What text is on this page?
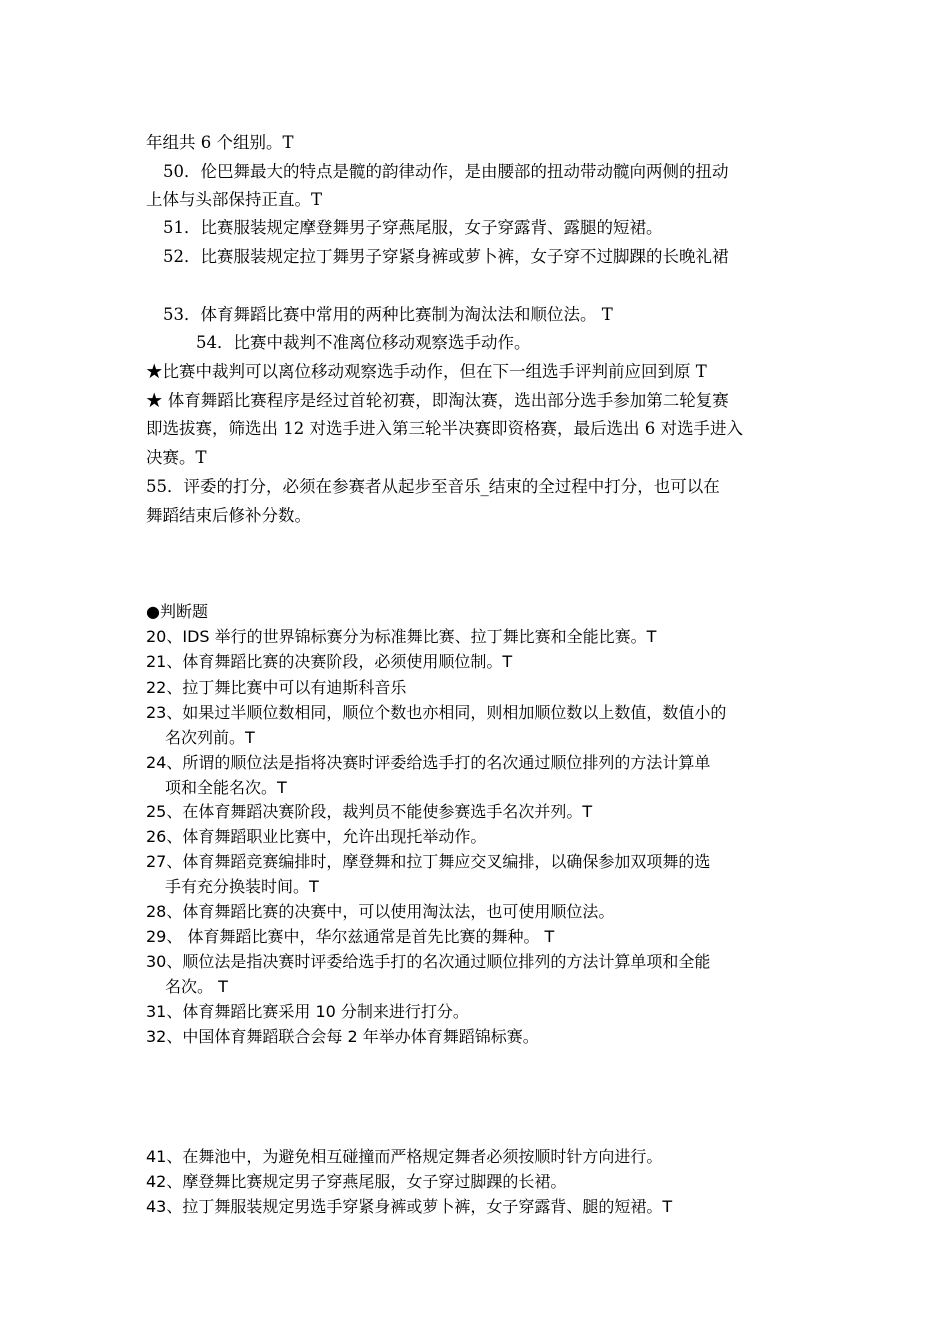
年组共 6 个组别。T
50．伦巴舞最大的特点是髋的韵律动作，是由腰部的扭动带动髋向两侧的扭动
上体与头部保持正直。T
51．比赛服装规定摩登舞男子穿燕尾服，女子穿露背、露腿的短裙。
52．比赛服装规定拉丁舞男子穿紧身裤或萝卜裤，女子穿不过脚踝的长晚礼裙
53．体育舞蹈比赛中常用的两种比赛制为淘汰法和顺位法。 T
54．比赛中裁判不准离位移动观察选手动作。
★比赛中裁判可以离位移动观察选手动作，但在下一组选手评判前应回到原 T
★ 体育舞蹈比赛程序是经过首轮初赛，即淘汰赛，选出部分选手参加第二轮复赛
即选拔赛，筛选出 12 对选手进入第三轮半决赛即资格赛，最后选出 6 对选手进入
决赛。T
55．评委的打分，必须在参赛者从起步至音乐_结束的全过程中打分，也可以在
舞蹈结束后修补分数。
●判断题
20、IDS 举行的世界锦标赛分为标准舞比赛、拉丁舞比赛和全能比赛。T
21、体育舞蹈比赛的决赛阶段，必须使用顺位制。T
22、拉丁舞比赛中可以有迪斯科音乐
23、如果过半顺位数相同，顺位个数也亦相同，则相加顺位数以上数值，数值小的
名次列前。T
24、所谓的顺位法是指将决赛时评委给选手打的名次通过顺位排列的方法计算单
项和全能名次。T
25、在体育舞蹈决赛阶段，裁判员不能使参赛选手名次并列。T
26、体育舞蹈职业比赛中，允许出现托举动作。
27、体育舞蹈竞赛编排时，摩登舞和拉丁舞应交叉编排，以确保参加双项舞的选
手有充分换装时间。T
28、体育舞蹈比赛的决赛中，可以使用淘汰法，也可使用顺位法。
29、 体育舞蹈比赛中，华尔兹通常是首先比赛的舞种。 T
30、顺位法是指决赛时评委给选手打的名次通过顺位排列的方法计算单项和全能
名次。 T
31、体育舞蹈比赛采用 10 分制来进行打分。
32、中国体育舞蹈联合会每 2 年举办体育舞蹈锦标赛。
41、在舞池中，为避免相互碰撞而严格规定舞者必须按顺时针方向进行。
42、摩登舞比赛规定男子穿燕尾服，女子穿过脚踝的长裙。
43、拉丁舞服装规定男选手穿紧身裤或萝卜裤，女子穿露背、腿的短裙。T
